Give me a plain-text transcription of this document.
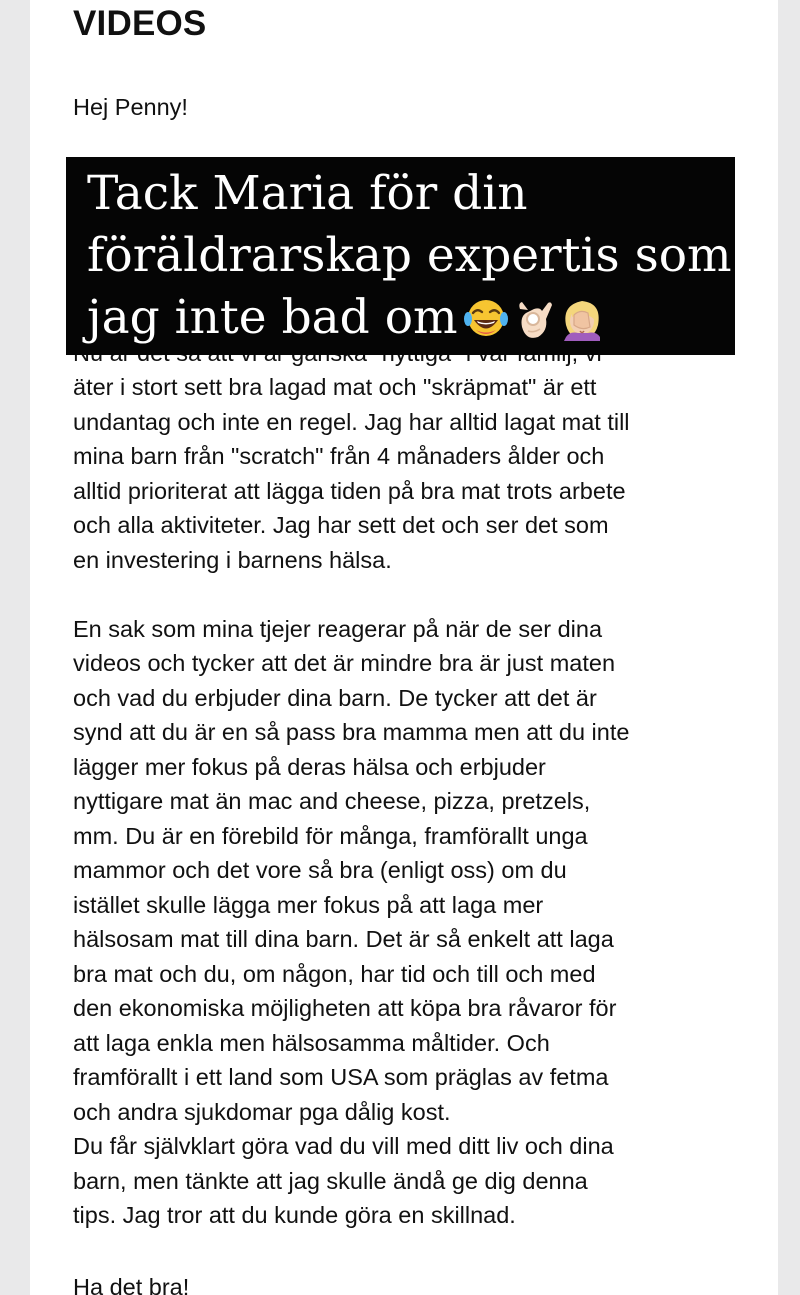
VIDEOS

Hej Penny!

äter i stort sett bra lagad mat och "skräpmat" är ett

undantag och inte en regel. Jag har alltid lagat mat till

mina barn från "scratch" från 4 månaders ålder och

alltid prioriterat att lägga tiden på bra mat trots arbete

och alla aktiviteter. Jag har sett det och ser det som

en investering i barnens hälsa.

En sak som mina tjejer reagerar på när de ser dina

videos och tycker att det är mindre bra är just maten

och vad du erbjuder dina barn. De tycker att det är

synd att du är en så pass bra mamma men att du inte

lägger mer fokus på deras hälsa och erbjuder

nyttigare mat än mac and cheese, pizza, pretzels,

mm. Du är en förebild för många, framförallt unga

mammor och det vore så bra (enligt oss) om du

istället skulle lägga mer fokus på att laga mer

hälsosam mat till dina barn. Det är så enkelt att laga

bra mat och du, om någon, har tid och till och med

den ekonomiska möjligheten att köpa bra råvaror för

att laga enkla men hälsosamma måltider. Och

framförallt i ett land som USA som präglas av fetma

och andra sjukdomar pga dålig kost.

Du får självklart göra vad du vill med ditt liv och dina

barn, men tänkte att jag skulle ändå ge dig denna

tips. Jag tror att du kunde göra en skillnad.

Ha det bra!

Tack Maria för din
föräldrarskap expertis som
jag inte bad om
